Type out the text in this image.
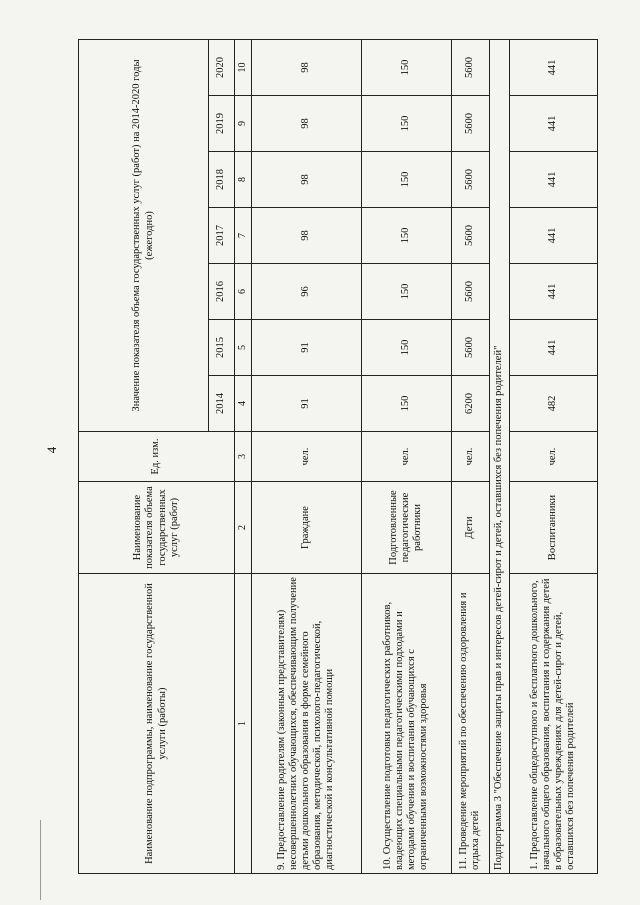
4
Наименование подпрограммы, наименование государственной услуги (работы)	Наименование показателя объема государственных услуг (работ)	Ед. изм.	Значение показателя объема государственных услуг (работ) на 2014-2020 годы (ежегодно)						
			2014	2015	2016	2017	2018	2019	2020
1	2	3	4	5	6	7	8	9	10
9. Предоставление родителям (законным представителям) несовершеннолетних обучающихся, обеспечивающим получение детьми дошкольного образования в форме семейного образования, методической, психолого-педагогической, диагностической и консультативной помощи	Граждане	чел.	91	91	96	98	98	98	98
10. Осуществление подготовки педагогических работников, владеющих специальными педагогическими подходами и методами обучения и воспитания обучающихся с ограниченными возможностями здоровья	Подготовленные педагогические работники	чел.	150	150	150	150	150	150	150
11. Проведение мероприятий по обеспечению оздоровления и отдыха детей	Дети	чел.	6200	5600	5600	5600	5600	5600	5600
Подпрограмма 3 "Обеспечение защиты прав и интересов детей-сирот и детей, оставшихся без попечения родителей"									
1. Предоставление общедоступного и бесплатного дошкольного, начального общего образования, воспитания и содержания детей в образовательных учреждениях для детей-сирот и детей, оставшихся без попечения родителей	Воспитанники	чел.	482	441	441	441	441	441	441
